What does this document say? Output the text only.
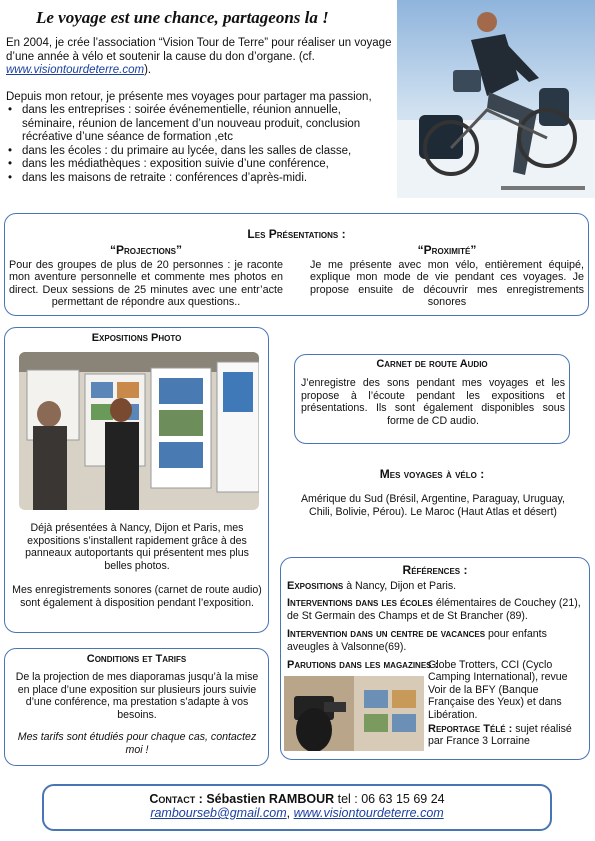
Le voyage est une chance, partageons la !

En 2004, je crée l’association “Vision Tour de Terre” pour réaliser un voyage d’une année à vélo et soutenir la cause du don d’organe. (cf. www.visiontourdeterre.com).

Depuis mon retour, je présente mes voyages pour partager ma passion,
• dans les entreprises : soirée événementielle, réunion annuelle, séminaire, réunion de lancement d’un nouveau produit, conclusion récréative d’une séance de formation ,etc
• dans les écoles : du primaire au lycée, dans les salles de classe,
• dans les médiathèques : exposition suivie d’une conférence,
• dans les maisons de retraite : conférences d’après-midi.
Les Présentations :
“Projections”
Pour des groupes de plus de 20 personnes : je raconte mon aventure personnelle et commente mes photos en direct. Deux sessions de 25 minutes avec une entr’acte permettant de répondre aux questions..
“Proximité”
Je me présente avec mon vélo, entièrement équipé, explique mon mode de vie pendant ces voyages. Je propose ensuite de découvrir mes enregistrements sonores
Expositions Photo

Déjà présentées à Nancy, Dijon et Paris, mes expositions s’installent rapidement grâce à des panneaux autoportants qui présentent mes plus belles photos.

Mes enregistrements sonores (carnet de route audio) sont également à disposition pendant l’exposition.

Carnet de route Audio
J’enregistre des sons pendant mes voyages et les propose à l’écoute pendant les expositions et présentations. Ils sont également disponibles sous forme de CD audio.
Mes voyages à vélo :
Amérique du Sud (Brésil, Argentine, Paraguay, Uruguay, Chili, Bolivie, Pérou). Le Maroc (Haut Atlas et désert)
Conditions et Tarifs

De la projection de mes diaporamas jusqu’à la mise en place d’une exposition sur plusieurs jours suivie d’une conférence, ma prestation s’adapte à vos besoins.

Mes tarifs sont étudiés pour chaque cas, contactez moi !

Références :
Expositions à Nancy, Dijon et Paris.
Interventions dans les écoles élémentaires de Couchey (21), de St Germain des Champs et de St Brancher (89).
Intervention dans un centre de vacances pour enfants aveugles à Valsonne(69).
Parutions dans les magazines :
Globe Trotters, CCI (Cyclo Camping International), revue Voir de la BFY (Banque Française des Yeux) et dans Libération.
Reportage Télé : sujet réalisé par France 3 Lorraine
Contact : Sébastien RAMBOUR tel : 06 63 15 69 24
rambourseb@gmail.com, www.visiontourdeterre.com
